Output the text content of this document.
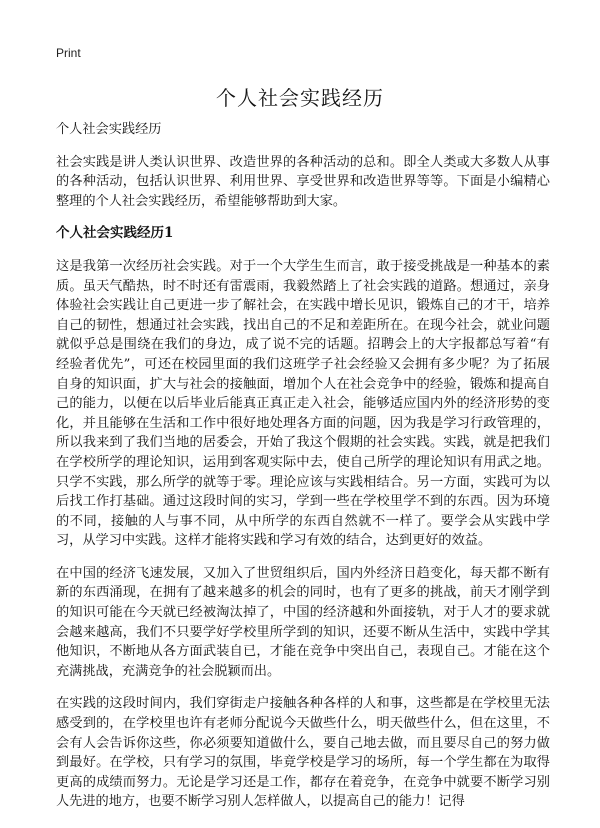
Print
个人社会实践经历

个人社会实践经历

社会实践是讲人类认识世界、改造世界的各种活动的总和。即全人类或大多数人从事的各种活动，包括认识世界、利用世界、享受世界和改造世界等等。下面是小编精心整理的个人社会实践经历，希望能够帮助到大家。

个人社会实践经历1

这是我第一次经历社会实践。对于一个大学生生而言，敢于接受挑战是一种基本的素质。虽天气酷热，时不时还有雷震雨，我毅然踏上了社会实践的道路。想通过，亲身体验社会实践让自己更进一步了解社会，在实践中增长见识，锻炼自己的才干，培养自己的韧性，想通过社会实践，找出自己的不足和差距所在。在现今社会，就业问题就似乎总是围绕在我们的身边，成了说不完的话题。招聘会上的大字报都总写着“有经验者优先”，可还在校园里面的我们这班学子社会经验又会拥有多少呢？为了拓展自身的知识面，扩大与社会的接触面，增加个人在社会竞争中的经验，锻炼和提高自己的能力，以便在以后毕业后能真正真正走入社会，能够适应国内外的经济形势的变化，并且能够在生活和工作中很好地处理各方面的问题，因为我是学习行政管理的，所以我来到了我们当地的居委会，开始了我这个假期的社会实践。实践，就是把我们在学校所学的理论知识，运用到客观实际中去，使自己所学的理论知识有用武之地。只学不实践，那么所学的就等于零。理论应该与实践相结合。另一方面，实践可为以后找工作打基础。通过这段时间的实习，学到一些在学校里学不到的东西。因为环境的不同，接触的人与事不同，从中所学的东西自然就不一样了。要学会从实践中学习，从学习中实践。这样才能将实践和学习有效的结合，达到更好的效益。

在中国的经济飞速发展，又加入了世贸组织后，国内外经济日趋变化，每天都不断有新的东西涌现，在拥有了越来越多的机会的同时，也有了更多的挑战，前天才刚学到的知识可能在今天就已经被淘汰掉了，中国的经济越和外面接轨，对于人才的要求就会越来越高，我们不只要学好学校里所学到的知识，还要不断从生活中，实践中学其他知识，不断地从各方面武装自已，才能在竞争中突出自己，表现自己。才能在这个充满挑战，充满竞争的社会脱颖而出。

在实践的这段时间内，我们穿街走户接触各种各样的人和事，这些都是在学校里无法感受到的，在学校里也许有老师分配说今天做些什么，明天做些什么，但在这里，不会有人会告诉你这些，你必须要知道做什么，要自己地去做，而且要尽自己的努力做到最好。在学校，只有学习的氛围，毕竟学校是学习的场所，每一个学生都在为取得更高的成绩而努力。无论是学习还是工作，都存在着竞争，在竞争中就要不断学习别人先进的地方，也要不断学习别人怎样做人，以提高自己的能力！记得
